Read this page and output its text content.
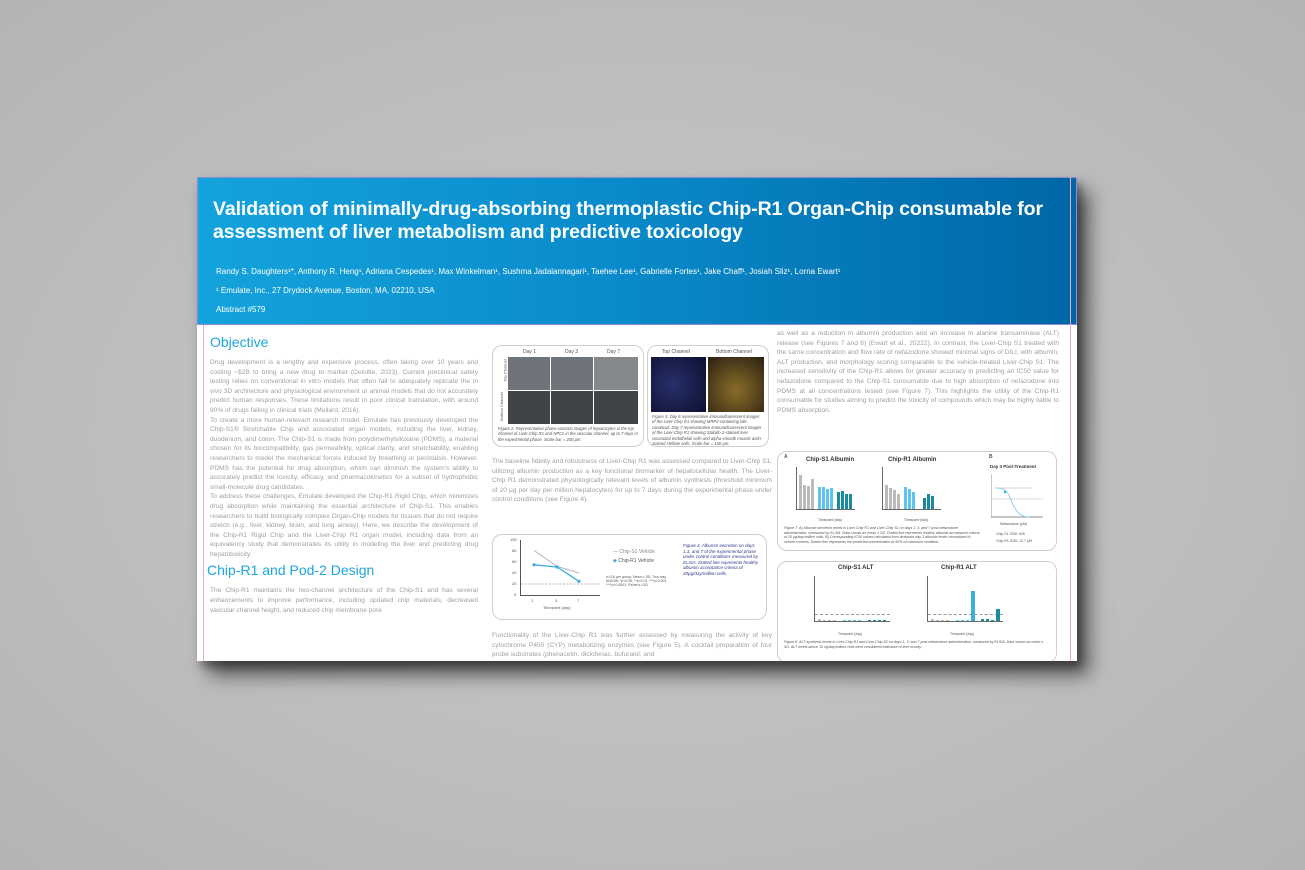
Validation of minimally-drug-absorbing thermoplastic Chip-R1 Organ-Chip consumable for assessment of liver metabolism and predictive toxicology
Randy S. Daughters¹*, Anthony R. Heng¹, Adriana Cespedes¹, Max Winkelman¹, Sushma Jadalannagari¹, Taehee Lee¹, Gabrielle Fortes¹, Jake Chaff¹, Josiah Sliz¹, Lorna Ewart¹
¹ Emulate, Inc., 27 Drydock Avenue, Boston, MA, 02210, USA
Abstract #579
Objective

Drug development is a lengthy and expensive process, often taking over 10 years and costing ~$2B to bring a new drug to market (Deloitte, 2023). Current preclinical safety testing relies on conventional in vitro models that often fail to adequately replicate the in vivo 3D architecture and physiological environment or animal models that do not accurately predict human responses. These limitations result in poor clinical translation, with around 90% of drugs failing in clinical trials (Mullard, 2016).

To create a more human-relevant research model, Emulate has previously developed the Chip-S1® Stretchable Chip and associated organ models, including the liver, kidney, duodenum, and colon. The Chip-S1 is made from polydimethylsiloxane (PDMS), a material chosen for its biocompatibility, gas permeability, optical clarity, and stretchability, enabling researchers to model the mechanical forces induced by breathing or peristalsis. However, PDMS has the potential for drug absorption, which can diminish the system's ability to accurately predict the toxicity, efficacy, and pharmacokinetics for a subset of hydrophobic small-molecule drug candidates.

To address these challenges, Emulate developed the Chip-R1 Rigid Chip, which minimizes drug absorption while maintaining the essential architecture of Chip-S1. This enables researchers to build biologically complex Organ-Chip models for tissues that do not require stretch (e.g., liver, kidney, brain, and lung airway). Here, we describe the development of the Chip-R1 Rigid Chip and the Liver-Chip R1 organ model, including data from an equivalency study that demonstrates its utility in modeling the liver and predicting drug hepatotoxicity.

Chip-R1 and Pod-2 Design

The Chip-R1 maintains the two-channel architecture of the Chip-S1 and has several enhancements to improve performance, including updated chip materials, decreased vascular channel height, and reduced chip membrane pore

Day 1	Day 3	Day 7
Top Channel
Bottom Channel
Figure 2. Representative phase contrast images of hepatocytes in the top channel of Liver-Chip R1 and NPCs in the vascular channel, up to 7 days in the experimental phase. Scale bar = 200 µm.
Top Channel	Bottom Channel
Figure 3. Day 6 representative immunofluorescent images of the Liver-Chip R1 showing MRP2-containing bile canaliculi. Day 7 representative immunofluorescent images of the Liver-Chip R1 showing Stabilin-2-stained liver sinusoidal endothelial cells and alpha-smooth muscle actin-stained stellate cells. Scale bar = 100 µm.

The baseline fidelity and robustness of Liver-Chip R1 was assessed compared to Liver-Chip S1, utilizing albumin production as a key functional biomarker of hepatocellular health. The Liver-Chip R1 demonstrated physiologically relevant levels of albumin synthesis (threshold minimum of 20 µg per day per million hepatocytes) for up to 7 days during the experimental phase under control conditions (see Figure 4).

100
80
60
40
20
0
1	3	7
Timepoint (day)
— Chip-S1 Vehicle
◆ Chip-R1 Vehicle
n=3-6 per group; Mean ± SD; Two-way ANOVA; *p<0.05, **p<0.01, ***p<0.001, ****p<0.0001; Fisher's LSD
Figure 4. Albumin secretion on days 1,3, and 7 of the experimental phase under control conditions measured by ELISA. Dotted line represents healthy albumin acceptance criteria of 20µg/day/million cells.

Functionality of the Liver-Chip R1 was further assessed by measuring the activity of key cytochrome P450 (CYP) metabolizing enzymes (see Figure 5). A cocktail preparation of four probe substrates (phenacetin, diclofenac, bufuralol, and

as well as a reduction in albumin production and an increase in alanine transaminase (ALT) release (see Figures 7 and 8) (Ewart et al., 20222). In contrast, the Liver-Chip S1 treated with the same concentration and flow rate of nefazodone showed minimal signs of DILI, with albumin, ALT production, and morphology scoring comparable to the vehicle-treated Liver-Chip S1. The increased sensitivity of the Chip-R1 allows for greater accuracy in predicting an IC50 value for nefazodone compared to the Chip-S1 consumable due to high absorption of nefazodone into PDMS at all concentrations tested (see Figure 7). This highlights the utility of the Chip-R1 consumable for studies aiming to predict the toxicity of compounds which may be highly liable to PDMS absorption.

A	Chip-S1 Albumin	Chip-R1 Albumin
Timepoint (day)	Timepoint (day)
B
Day 3 Post-Treatment
Nefazodone (µM)
Chip-S1 IC50: N/A
Chip-R1 IC50: 12.7 µM
Figure 7. A) Albumin secretion levels in Liver-Chip R1 and Liver-Chip S1 on days 1, 3, and 7 post-nefazodone administration, measured by ELISA. Data shown as mean ± SD. Dotted line represents healthy albumin acceptance criteria of 20 µg/day/million cells. B) Corresponding IC50 values calculated from timepoint day 3 albumin levels normalized to vehicle controls. Dotted line represents the predicted concentration at 50% of maximum inhibition.
Chip-S1 ALT	Chip-R1 ALT
Timepoint (day)	Timepoint (day)
Figure 8. ALT synthesis levels in Liver-Chip R1 and Liver-Chip S1 on days 1, 3, and 7 post-nefazodone administration, measured by ELISA. Data shown as mean ± SD. ALT levels above 10 ng/day/million cells were considered indicative of liver toxicity.
